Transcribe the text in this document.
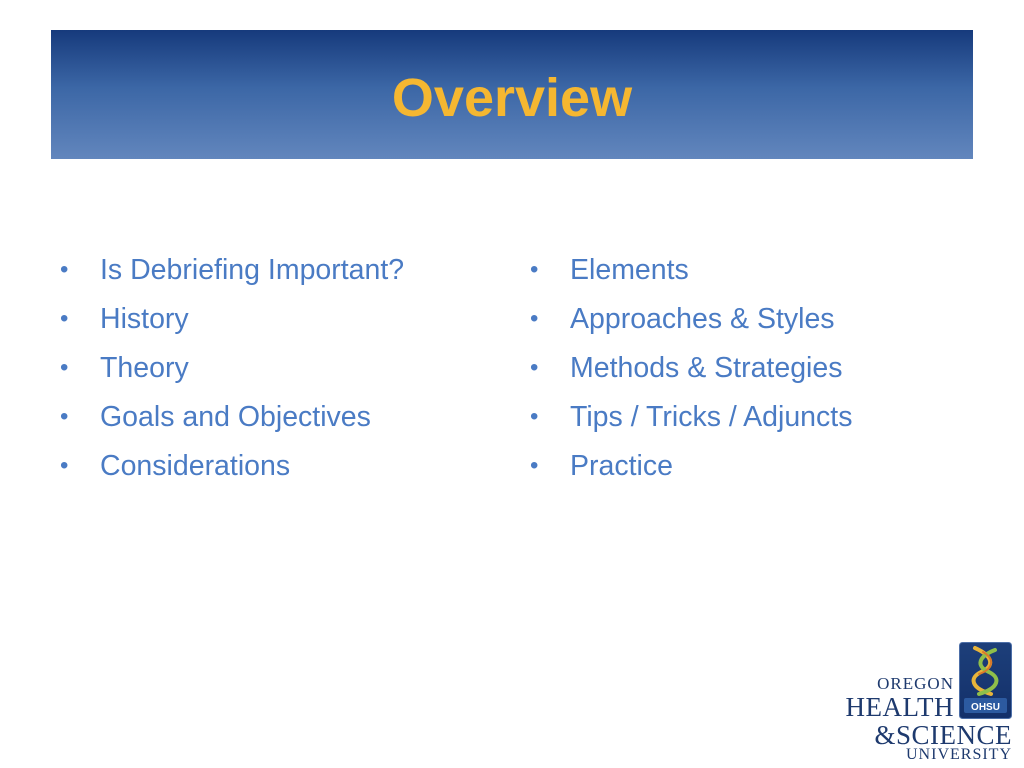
Overview
•	Is Debriefing Important?
•	History
•	Theory
•	Goals and Objectives
•	Considerations
•	Elements
•	Approaches & Styles
•	Methods & Strategies
•	Tips / Tricks / Adjuncts
•	Practice
OREGON
HEALTH
&SCIENCE
UNIVERSITY
OHSU
